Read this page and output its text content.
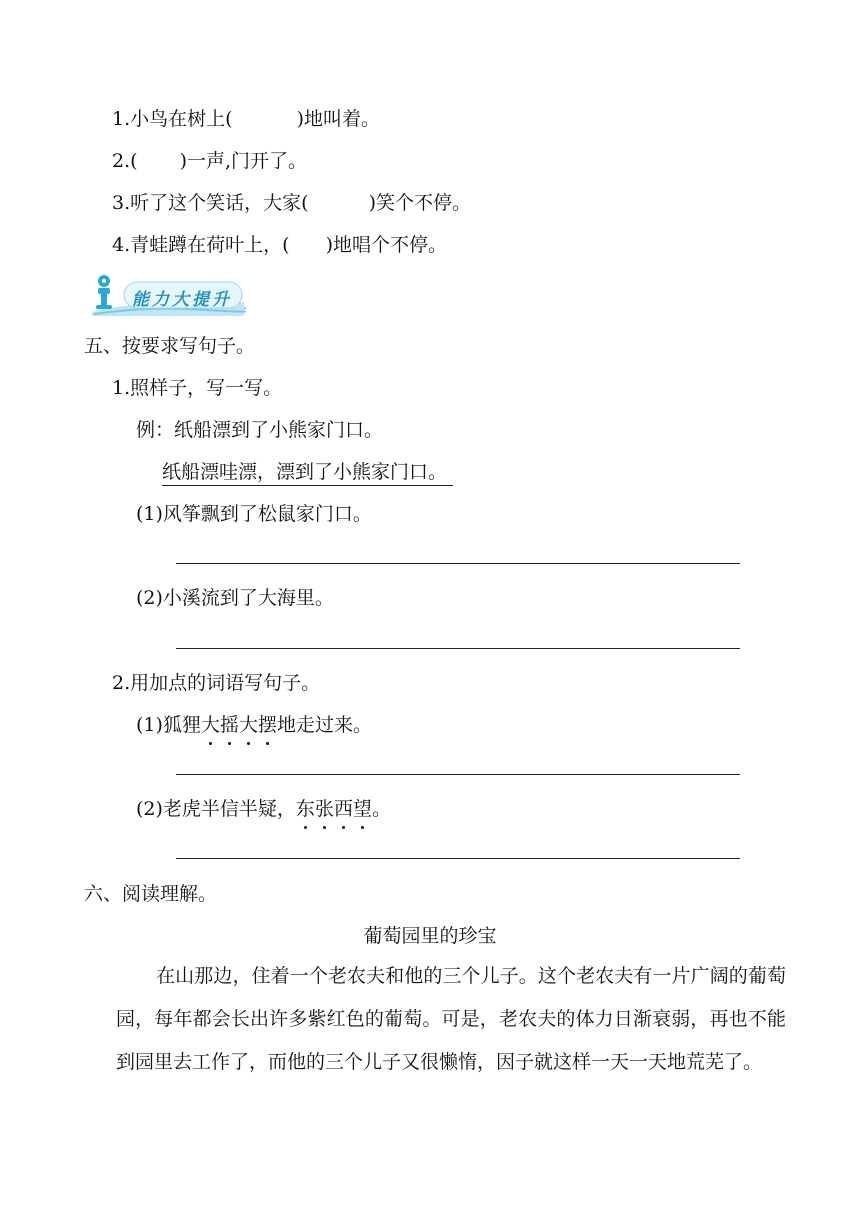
1.小鸟在树上(	)地叫着。
2.( )一声,门开了。
3.听了这个笑话，大家(	)笑个不停。
4.青蛙蹲在荷叶上，( )地唱个不停。
能力大提升
五、按要求写句子。
1.照样子，写一写。
例：纸船漂到了小熊家门口。
纸船漂哇漂，漂到了小熊家门口。
(1)风筝飘到了松鼠家门口。
(2)小溪流到了大海里。
2.用加点的词语写句子。
(1)狐狸大摇大摆地走过来。
(2)老虎半信半疑，东张西望。
六、阅读理解。
葡萄园里的珍宝
在山那边，住着一个老农夫和他的三个儿子。这个老农夫有一片广阔的葡萄园，每年都会长出许多紫红色的葡萄。可是，老农夫的体力日渐衰弱，再也不能到园里去工作了，而他的三个儿子又很懒惰，因子就这样一天一天地荒芜了。
